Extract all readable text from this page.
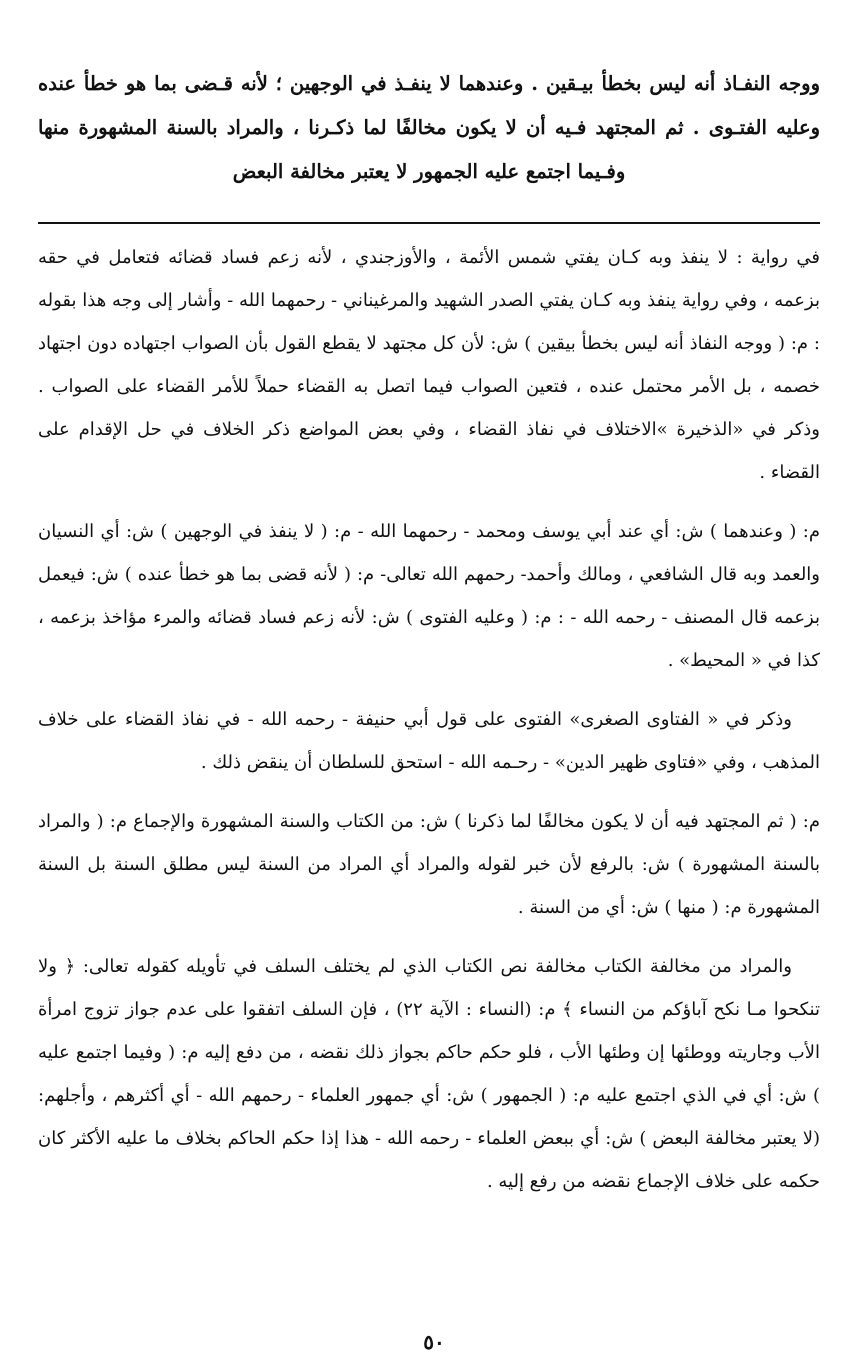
ووجه النفـاذ أنه ليس بخطأ بيـقين . وعندهما لا ينفـذ في الوجهين ؛ لأنه قـضى بما هو خطأ عنده وعليه الفتـوى . ثم المجتهد فـيه أن لا يكون مخالفًا لما ذكـرنا ، والمراد بالسنة المشهورة منها وفـيما اجتمع عليه الجمهور لا يعتبر مخالفة البعض

في رواية : لا ينفذ وبه كـان يفتي شمس الأئمة ، والأوزجندي ، لأنه زعم فساد قضائه فتعامل في حقه بزعمه ، وفي رواية ينفذ وبه كـان يفتي الصدر الشهيد والمرغيناني - رحمهما الله - وأشار إلى وجه هذا بقوله : م: ( ووجه النفاذ أنه ليس بخطأ بيقين ) ش: لأن كل مجتهد لا يقطع القول بأن الصواب اجتهاده دون اجتهاد خصمه ، بل الأمر محتمل عنده ، فتعين الصواب فيما اتصل به القضاء حملاً للأمر القضاء على الصواب . وذكر في «الذخيرة »الاختلاف في نفاذ القضاء ، وفي بعض المواضع ذكر الخلاف في حل الإقدام على القضاء .

م: ( وعندهما ) ش: أي عند أبي يوسف ومحمد - رحمهما الله - م: ( لا ينفذ في الوجهين ) ش: أي النسيان والعمد وبه قال الشافعي ، ومالك وأحمد- رحمهم الله تعالى- م: ( لأنه قضى بما هو خطأ عنده ) ش: فيعمل بزعمه قال المصنف - رحمه الله - : م: ( وعليه الفتوى ) ش: لأنه زعم فساد قضائه والمرء مؤاخذ بزعمه ، كذا في « المحيط» .

وذكر في « الفتاوى الصغرى» الفتوى على قول أبي حنيفة - رحمه الله - في نفاذ القضاء على خلاف المذهب ، وفي «فتاوى ظهير الدين» - رحـمه الله - استحق للسلطان أن ينقض ذلك .

م: ( ثم المجتهد فيه أن لا يكون مخالفًا لما ذكرنا ) ش: من الكتاب والسنة المشهورة والإجماع م: ( والمراد بالسنة المشهورة ) ش: بالرفع لأن خبر لقوله والمراد أي المراد من السنة ليس مطلق السنة بل السنة المشهورة م: ( منها ) ش: أي من السنة .

والمراد من مخالفة الكتاب مخالفة نص الكتاب الذي لم يختلف السلف في تأويله كقوله تعالى: ﴿ ولا تنكحوا مـا نكح آباؤكم من النساء ﴾ م: (النساء : الآية ٢٢) ، فإن السلف اتفقوا على عدم جواز تزوج امرأة الأب وجاريته ووطئها إن وطئها الأب ، فلو حكم حاكم بجواز ذلك نقضه ، من دفع إليه م: ( وفيما اجتمع عليه ) ش: أي في الذي اجتمع عليه م: ( الجمهور ) ش: أي جمهور العلماء - رحمهم الله - أي أكثرهم ، وأجلهم: (لا يعتبر مخالفة البعض ) ش: أي ببعض العلماء - رحمه الله - هذا إذا حكم الحاكم بخلاف ما عليه الأكثر كان حكمه على خلاف الإجماع نقضه من رفع إليه .

٥٠
